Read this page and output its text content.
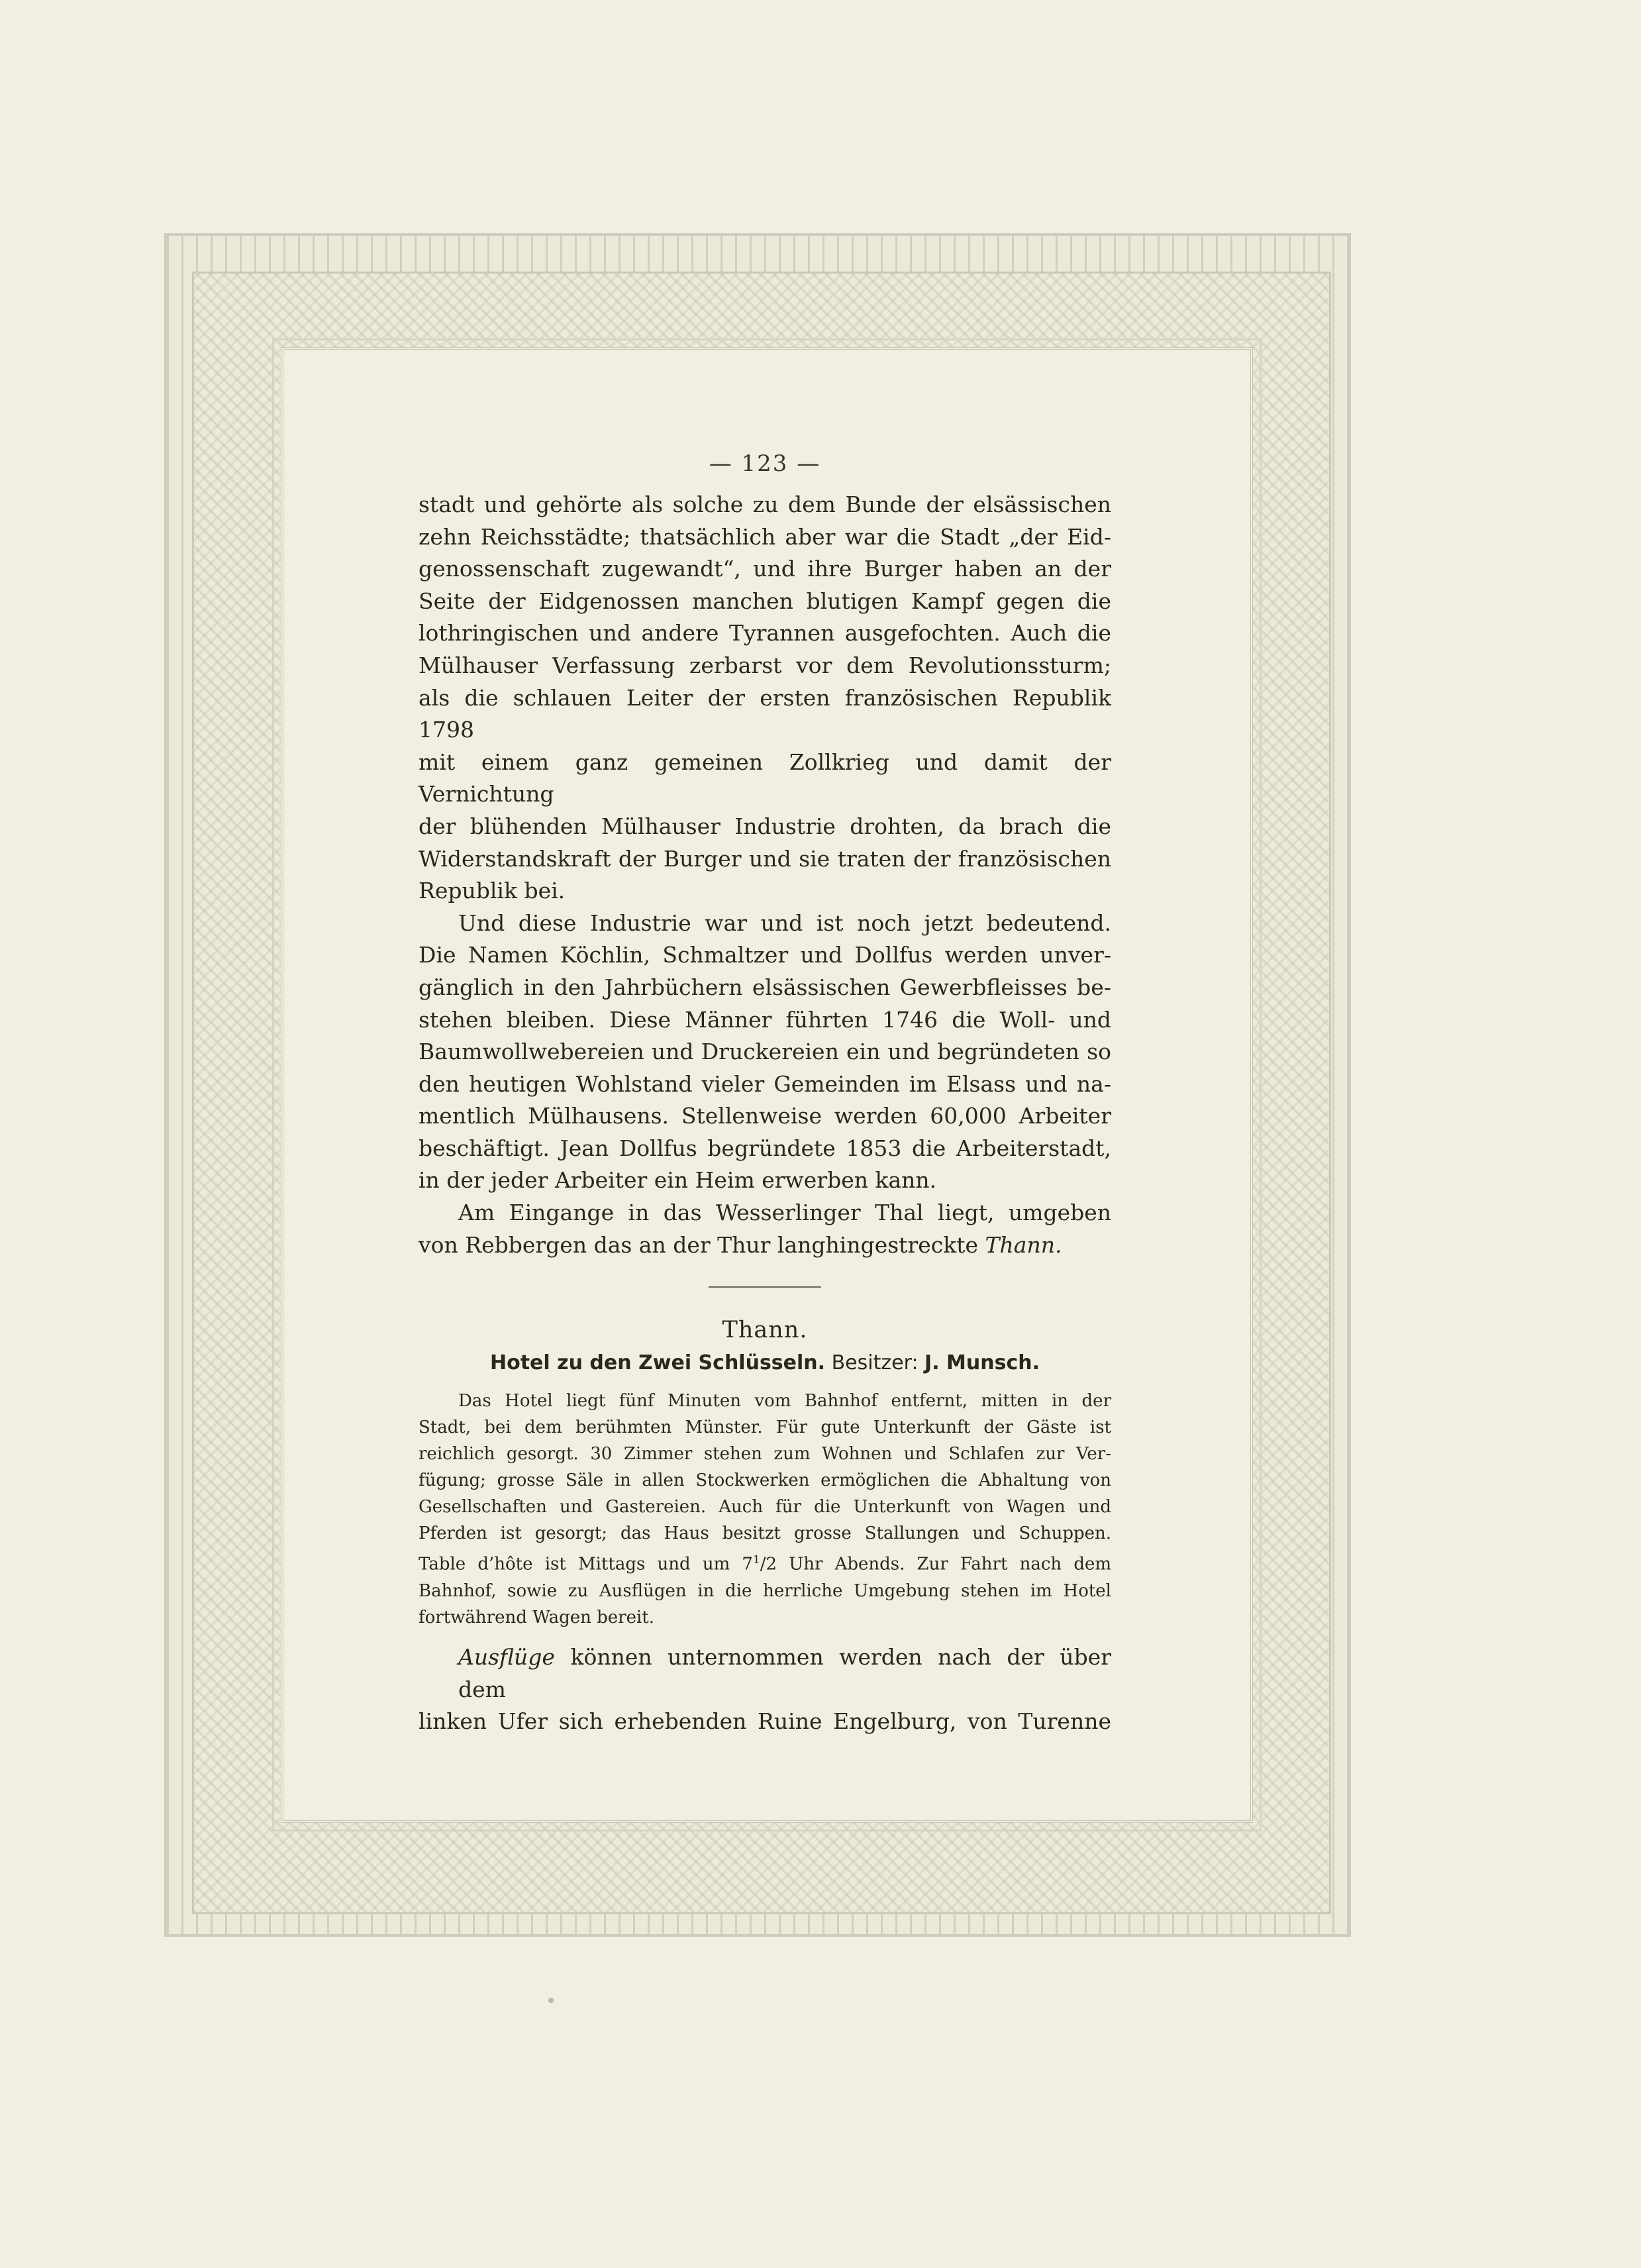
— 123 —

stadt und gehörte als solche zu dem Bunde der elsässischen
zehn Reichsstädte; thatsächlich aber war die Stadt „der Eid-
genossenschaft zugewandt“, und ihre Burger haben an der
Seite der Eidgenossen manchen blutigen Kampf gegen die
lothringischen und andere Tyrannen ausgefochten. Auch die
Mülhauser Verfassung zerbarst vor dem Revolutionssturm;
als die schlauen Leiter der ersten französischen Republik 1798
mit einem ganz gemeinen Zollkrieg und damit der Vernichtung
der blühenden Mülhauser Industrie drohten, da brach die
Widerstandskraft der Burger und sie traten der französischen
Republik bei.

Und diese Industrie war und ist noch jetzt bedeutend.
Die Namen Köchlin, Schmaltzer und Dollfus werden unver-
gänglich in den Jahrbüchern elsässischen Gewerbfleisses be-
stehen bleiben. Diese Männer führten 1746 die Woll- und
Baumwollwebereien und Druckereien ein und begründeten so
den heutigen Wohlstand vieler Gemeinden im Elsass und na-
mentlich Mülhausens. Stellenweise werden 60,000 Arbeiter
beschäftigt. Jean Dollfus begründete 1853 die Arbeiterstadt,
in der jeder Arbeiter ein Heim erwerben kann.

Am Eingange in das Wesserlinger Thal liegt, umgeben
von Rebbergen das an der Thur langhingestreckte Thann.

Thann.
Hotel zu den Zwei Schlüsseln. Besitzer: J. Munsch.
Das Hotel liegt fünf Minuten vom Bahnhof entfernt, mitten in der
Stadt, bei dem berühmten Münster. Für gute Unterkunft der Gäste ist
reichlich gesorgt. 30 Zimmer stehen zum Wohnen und Schlafen zur Ver-
fügung; grosse Säle in allen Stockwerken ermöglichen die Abhaltung von
Gesellschaften und Gastereien. Auch für die Unterkunft von Wagen und
Pferden ist gesorgt; das Haus besitzt grosse Stallungen und Schuppen.
Table d’hôte ist Mittags und um $7^1/2$ Uhr Abends. Zur Fahrt nach dem
Bahnhof, sowie zu Ausflügen in die herrliche Umgebung stehen im Hotel
fortwährend Wagen bereit.

Ausflüge können unternommen werden nach der über dem
linken Ufer sich erhebenden Ruine Engelburg, von Turenne
